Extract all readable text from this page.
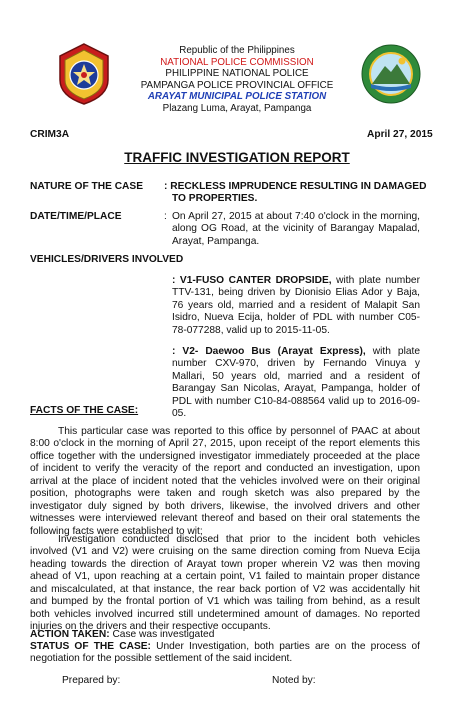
Republic of the Philippines
NATIONAL POLICE COMMISSION
PHILIPPINE NATIONAL POLICE
PAMPANGA POLICE PROVINCIAL OFFICE
ARAYAT MUNICIPAL POLICE STATION
Plazang Luma, Arayat, Pampanga
CRIM3A	April 27, 2015
TRAFFIC INVESTIGATION REPORT
NATURE OF THE CASE : RECKLESS IMPRUDENCE RESULTING IN DAMAGED
TO PROPERTIES.
DATE/TIME/PLACE	: On April 27, 2015 at about 7:40 o'clock in the morning, along OG Road, at the vicinity of Barangay Mapalad, Arayat, Pampanga.
VEHICLES/DRIVERS INVOLVED
: V1-FUSO CANTER DROPSIDE, with plate number TTV-131, being driven by Dionisio Elias Ador y Baja, 76 years old, married and a resident of Malapit San Isidro, Nueva Ecija, holder of PDL with number C05-78-077288, valid up to 2015-11-05.
: V2- Daewoo Bus (Arayat Express), with plate number CXV-970, driven by Fernando Vinuya y Mallari, 50 years old, married and a resident of Barangay San Nicolas, Arayat, Pampanga, holder of PDL with number C10-84-088564 valid up to 2016-09-05.
FACTS OF THE CASE:
This particular case was reported to this office by personnel of PAAC at about 8:00 o'clock in the morning of April 27, 2015, upon receipt of the report elements this office together with the undersigned investigator immediately proceeded at the place of incident to verify the veracity of the report and conducted an investigation, upon arrival at the place of incident noted that the vehicles involved were on their original position, photographs were taken and rough sketch was also prepared by the investigator duly signed by both drivers, likewise, the involved drivers and other witnesses were interviewed relevant thereof and based on their oral statements the following facts were established to wit;
Investigation conducted disclosed that prior to the incident both vehicles involved (V1 and V2) were cruising on the same direction coming from Nueva Ecija heading towards the direction of Arayat town proper wherein V2 was then moving ahead of V1, upon reaching at a certain point, V1 failed to maintain proper distance and miscalculated, at that instance, the rear back portion of V2 was accidentally hit and bumped by the frontal portion of V1 which was tailing from behind, as a result both vehicles involved incurred still undetermined amount of damages. No reported injuries on the drivers and their respective occupants.
ACTION TAKEN: Case was investigated
STATUS OF THE CASE: Under Investigation, both parties are on the process of negotiation for the possible settlement of the said incident.
Prepared by:	Noted by:
